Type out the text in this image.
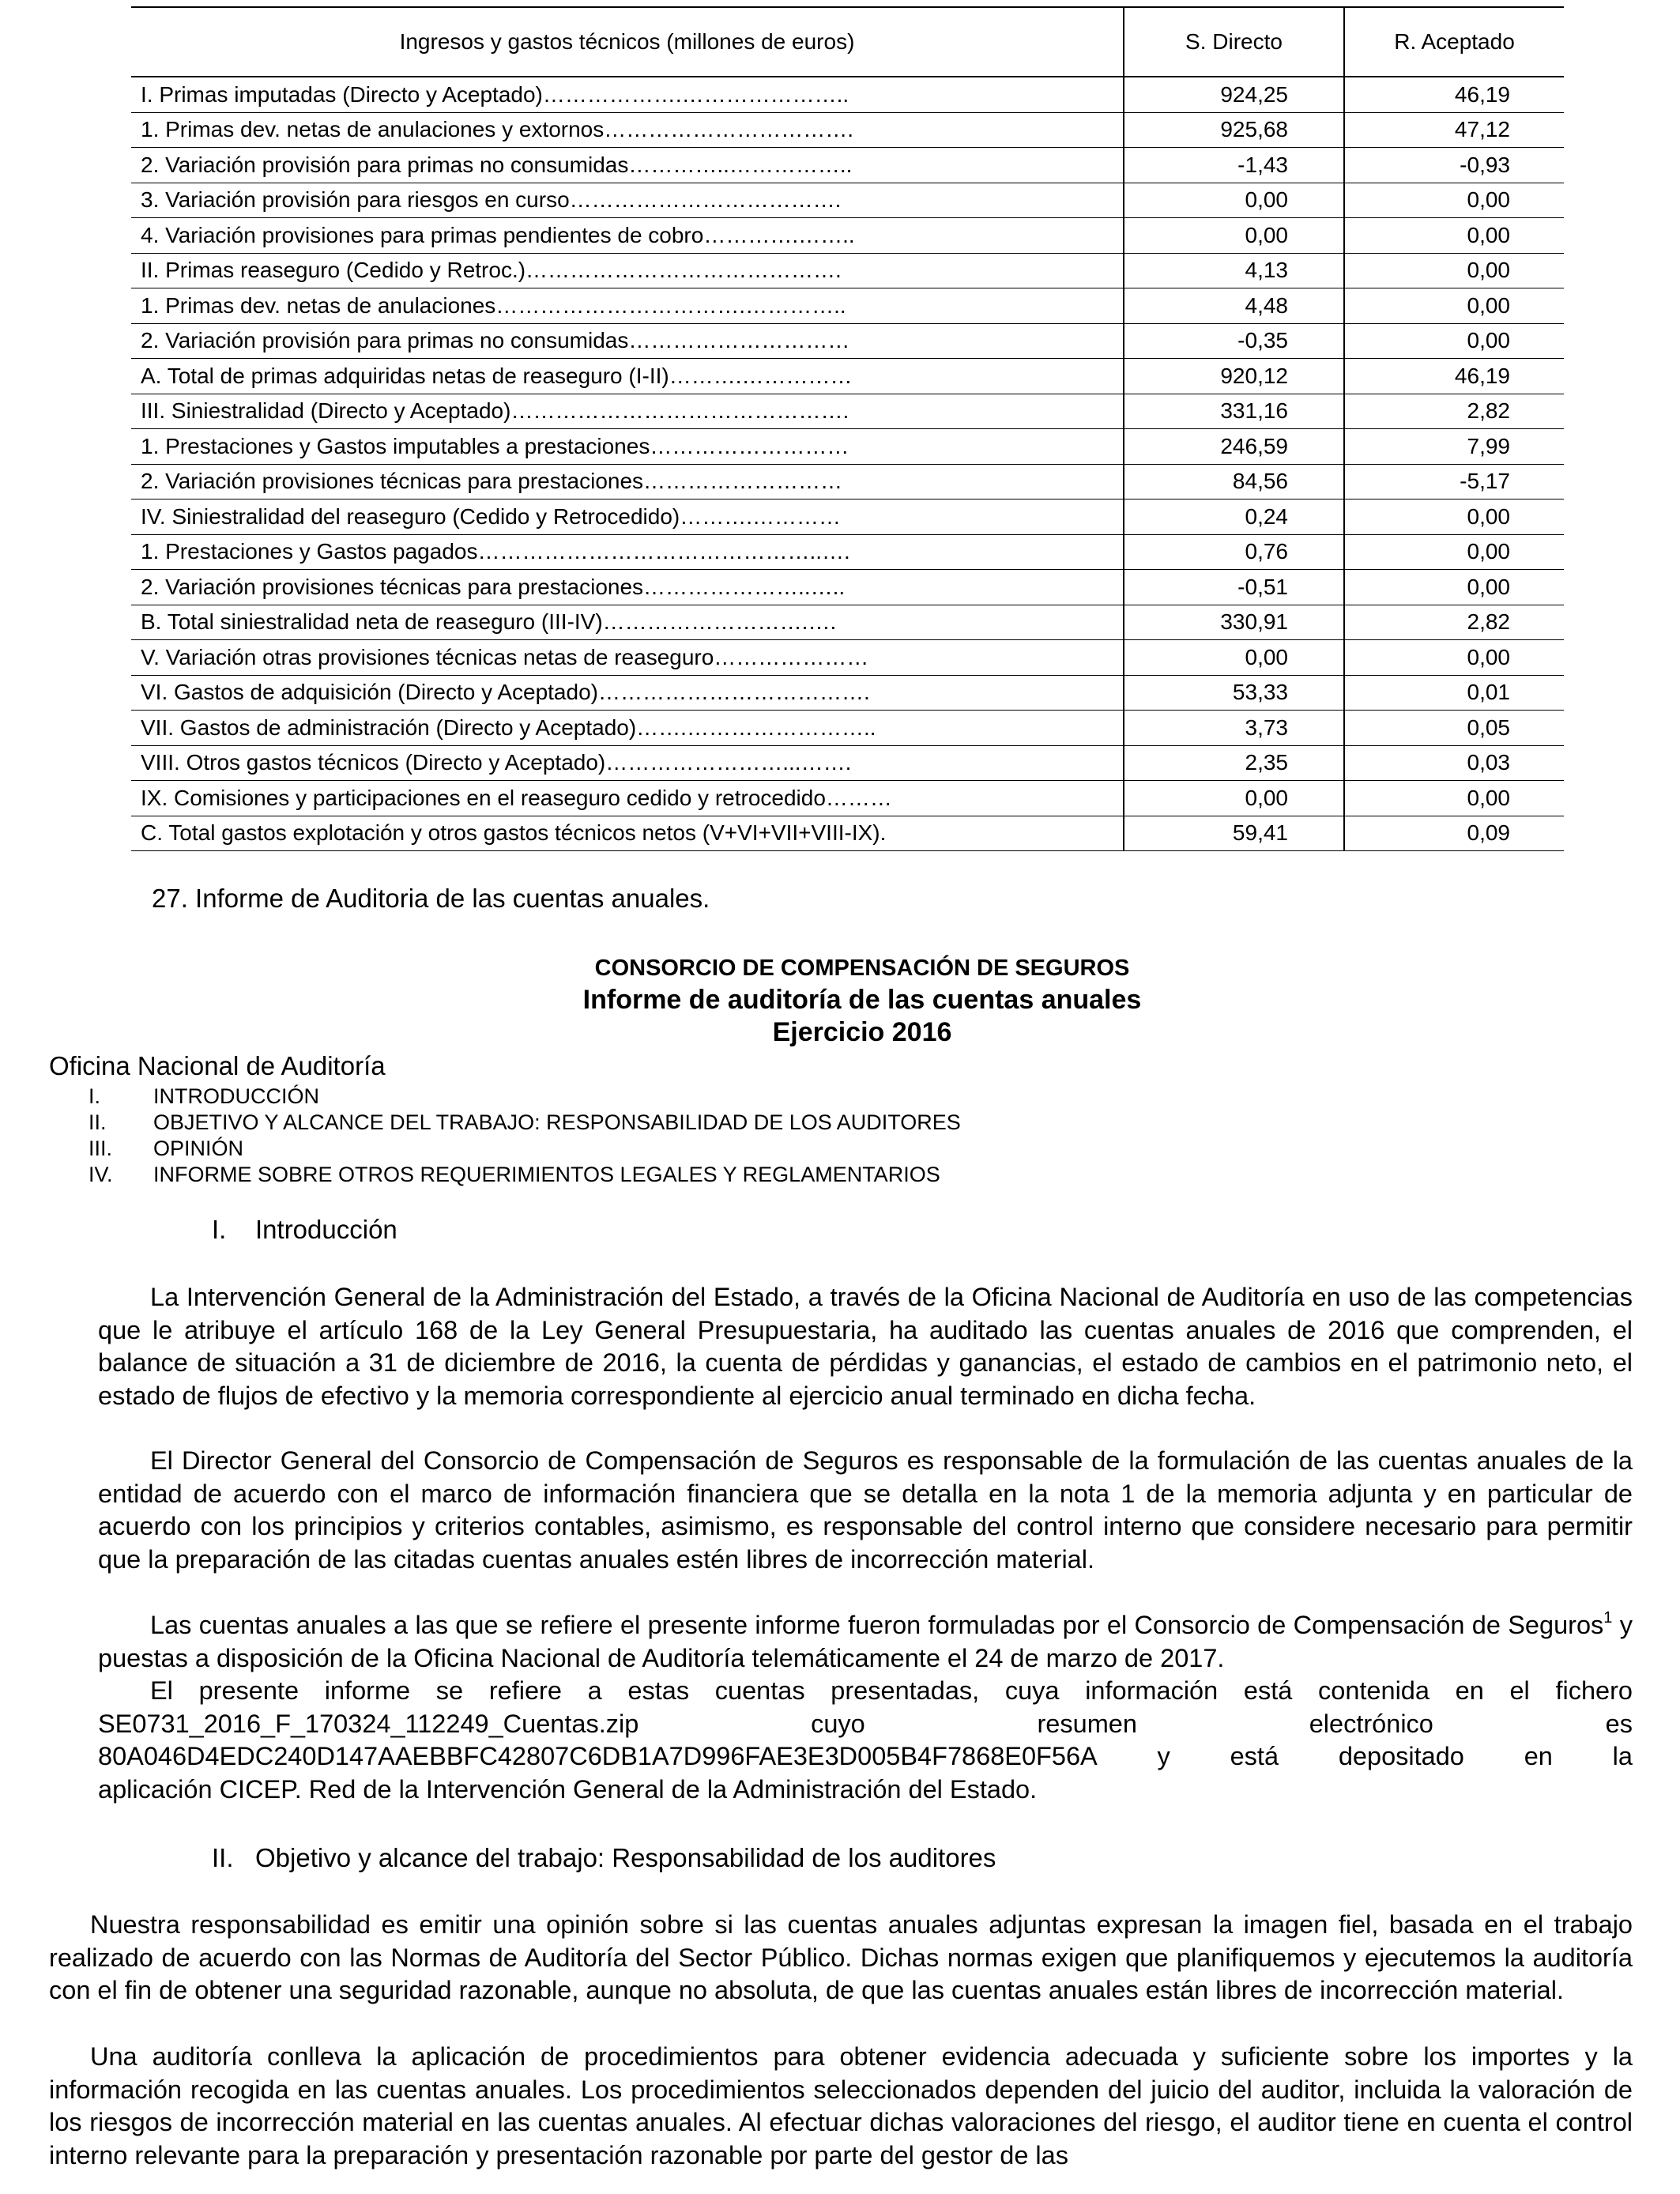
Ingresos y gastos técnicos (millones de euros)	S. Directo	R. Aceptado
I. Primas imputadas (Directo y Aceptado)……………….…………………..	924,25	46,19
1. Primas dev. netas de anulaciones y extornos…………………………….	925,68	47,12
2. Variación provisión para primas no consumidas…………..……………..	-1,43	-0,93
3. Variación provisión para riesgos en curso……………………………….	0,00	0,00
4. Variación provisiones para primas pendientes de cobro………….……..	0,00	0,00
II. Primas reaseguro (Cedido y Retroc.)…………………………………….	4,13	0,00
1. Primas dev. netas de anulaciones…………………………….…………..	4,48	0,00
2. Variación provisión para primas no consumidas…………………………	-0,35	0,00
A. Total de primas adquiridas netas de reaseguro (I-II)……….……………	920,12	46,19
III. Siniestralidad (Directo y Aceptado)……………………………………….	331,16	2,82
1. Prestaciones y Gastos imputables a prestaciones………………………	246,59	7,99
2. Variación provisiones técnicas para prestaciones………………………	84,56	-5,17
IV. Siniestralidad del reaseguro (Cedido y Retrocedido)……….…………	0,24	0,00
1. Prestaciones y Gastos pagados………………………………………..….	0,76	0,00
2. Variación provisiones técnicas para prestaciones…………………..…..	-0,51	0,00
B. Total siniestralidad neta de reaseguro (III-IV)……………………….….	330,91	2,82
V. Variación otras provisiones técnicas netas de reaseguro…………………	0,00	0,00
VI. Gastos de adquisición (Directo y Aceptado)……………………………….	53,33	0,01
VII. Gastos de administración (Directo y Aceptado)…….……………………..	3,73	0,05
VIII. Otros gastos técnicos (Directo y Aceptado)……………………...…….	2,35	0,03
IX. Comisiones y participaciones en el reaseguro cedido y retrocedido………	0,00	0,00
C. Total gastos explotación y otros gastos técnicos netos (V+VI+VII+VIII-IX).	59,41	0,09
27. Informe de Auditoria de las cuentas anuales.
CONSORCIO DE COMPENSACIÓN DE SEGUROS
Informe de auditoría de las cuentas anuales
Ejercicio 2016
Oficina Nacional de Auditoría
I. INTRODUCCIÓN
II. OBJETIVO Y ALCANCE DEL TRABAJO: RESPONSABILIDAD DE LOS AUDITORES
III. OPINIÓN
IV. INFORME SOBRE OTROS REQUERIMIENTOS LEGALES Y REGLAMENTARIOS
I. Introducción

La Intervención General de la Administración del Estado, a través de la Oficina Nacional de Auditoría en uso de las competencias que le atribuye el artículo 168 de la Ley General Presupuestaria, ha auditado las cuentas anuales de 2016 que comprenden, el balance de situación a 31 de diciembre de 2016, la cuenta de pérdidas y ganancias, el estado de cambios en el patrimonio neto, el estado de flujos de efectivo y la memoria correspondiente al ejercicio anual terminado en dicha fecha.

El Director General del Consorcio de Compensación de Seguros es responsable de la formulación de las cuentas anuales de la entidad de acuerdo con el marco de información financiera que se detalla en la nota 1 de la memoria adjunta y en particular de acuerdo con los principios y criterios contables, asimismo, es responsable del control interno que considere necesario para permitir que la preparación de las citadas cuentas anuales estén libres de incorrección material.

Las cuentas anuales a las que se refiere el presente informe fueron formuladas por el Consorcio de Compensación de Seguros$^1$ y puestas a disposición de la Oficina Nacional de Auditoría telemáticamente el 24 de marzo de 2017.

El presente informe se refiere a estas cuentas presentadas, cuya información está contenida en el fichero
SE0731_2016_F_170324_112249_Cuentas.zip	cuyo	resumen	electrónico	es
80A046D4EDC240D147AAEBBFC42807C6DB1A7D996FAE3E3D005B4F7868E0F56A y está depositado en la
aplicación CICEP. Red de la Intervención General de la Administración del Estado.
II. Objetivo y alcance del trabajo: Responsabilidad de los auditores

Nuestra responsabilidad es emitir una opinión sobre si las cuentas anuales adjuntas expresan la imagen fiel, basada en el trabajo realizado de acuerdo con las Normas de Auditoría del Sector Público. Dichas normas exigen que planifiquemos y ejecutemos la auditoría con el fin de obtener una seguridad razonable, aunque no absoluta, de que las cuentas anuales están libres de incorrección material.

Una auditoría conlleva la aplicación de procedimientos para obtener evidencia adecuada y suficiente sobre los importes y la información recogida en las cuentas anuales. Los procedimientos seleccionados dependen del juicio del auditor, incluida la valoración de los riesgos de incorrección material en las cuentas anuales. Al efectuar dichas valoraciones del riesgo, el auditor tiene en cuenta el control interno relevante para la preparación y presentación razonable por parte del gestor de las
